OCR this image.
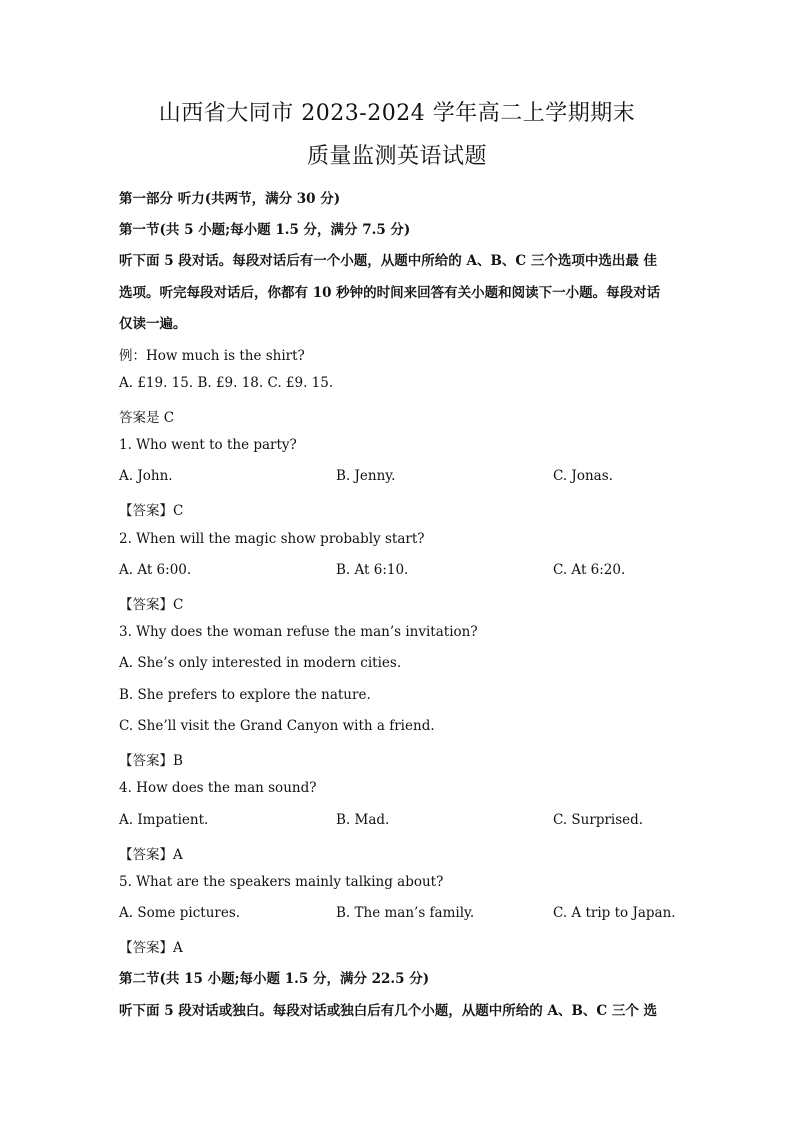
山西省大同市 2023-2024 学年高二上学期期末
质量监测英语试题
第一部分 听力(共两节，满分 30 分)
第一节(共 5 小题;每小题 1.5 分，满分 7.5 分)
听下面 5 段对话。每段对话后有一个小题，从题中所给的 A、B、C 三个选项中选出最 佳
选项。听完每段对话后，你都有 10 秒钟的时间来回答有关小题和阅读下一小题。每段对话
仅读一遍。
例：How much is the shirt?
A. £19. 15. B. £9. 18. C. £9. 15.
答案是 C
1. Who went to the party?
A. John.	B. Jenny.	C. Jonas.
【答案】C
2. When will the magic show probably start?
A. At 6:00.	B. At 6:10.	C. At 6:20.
【答案】C
3. Why does the woman refuse the man’s invitation?
A. She’s only interested in modern cities.
B. She prefers to explore the nature.
C. She’ll visit the Grand Canyon with a friend.
【答案】B
4. How does the man sound?
A. Impatient.	B. Mad.	C. Surprised.
【答案】A
5. What are the speakers mainly talking about?
A. Some pictures.	B. The man’s family.	C. A trip to Japan.
【答案】A
第二节(共 15 小题;每小题 1.5 分，满分 22.5 分)
听下面 5 段对话或独白。每段对话或独白后有几个小题，从题中所给的 A、B、C 三个 选
